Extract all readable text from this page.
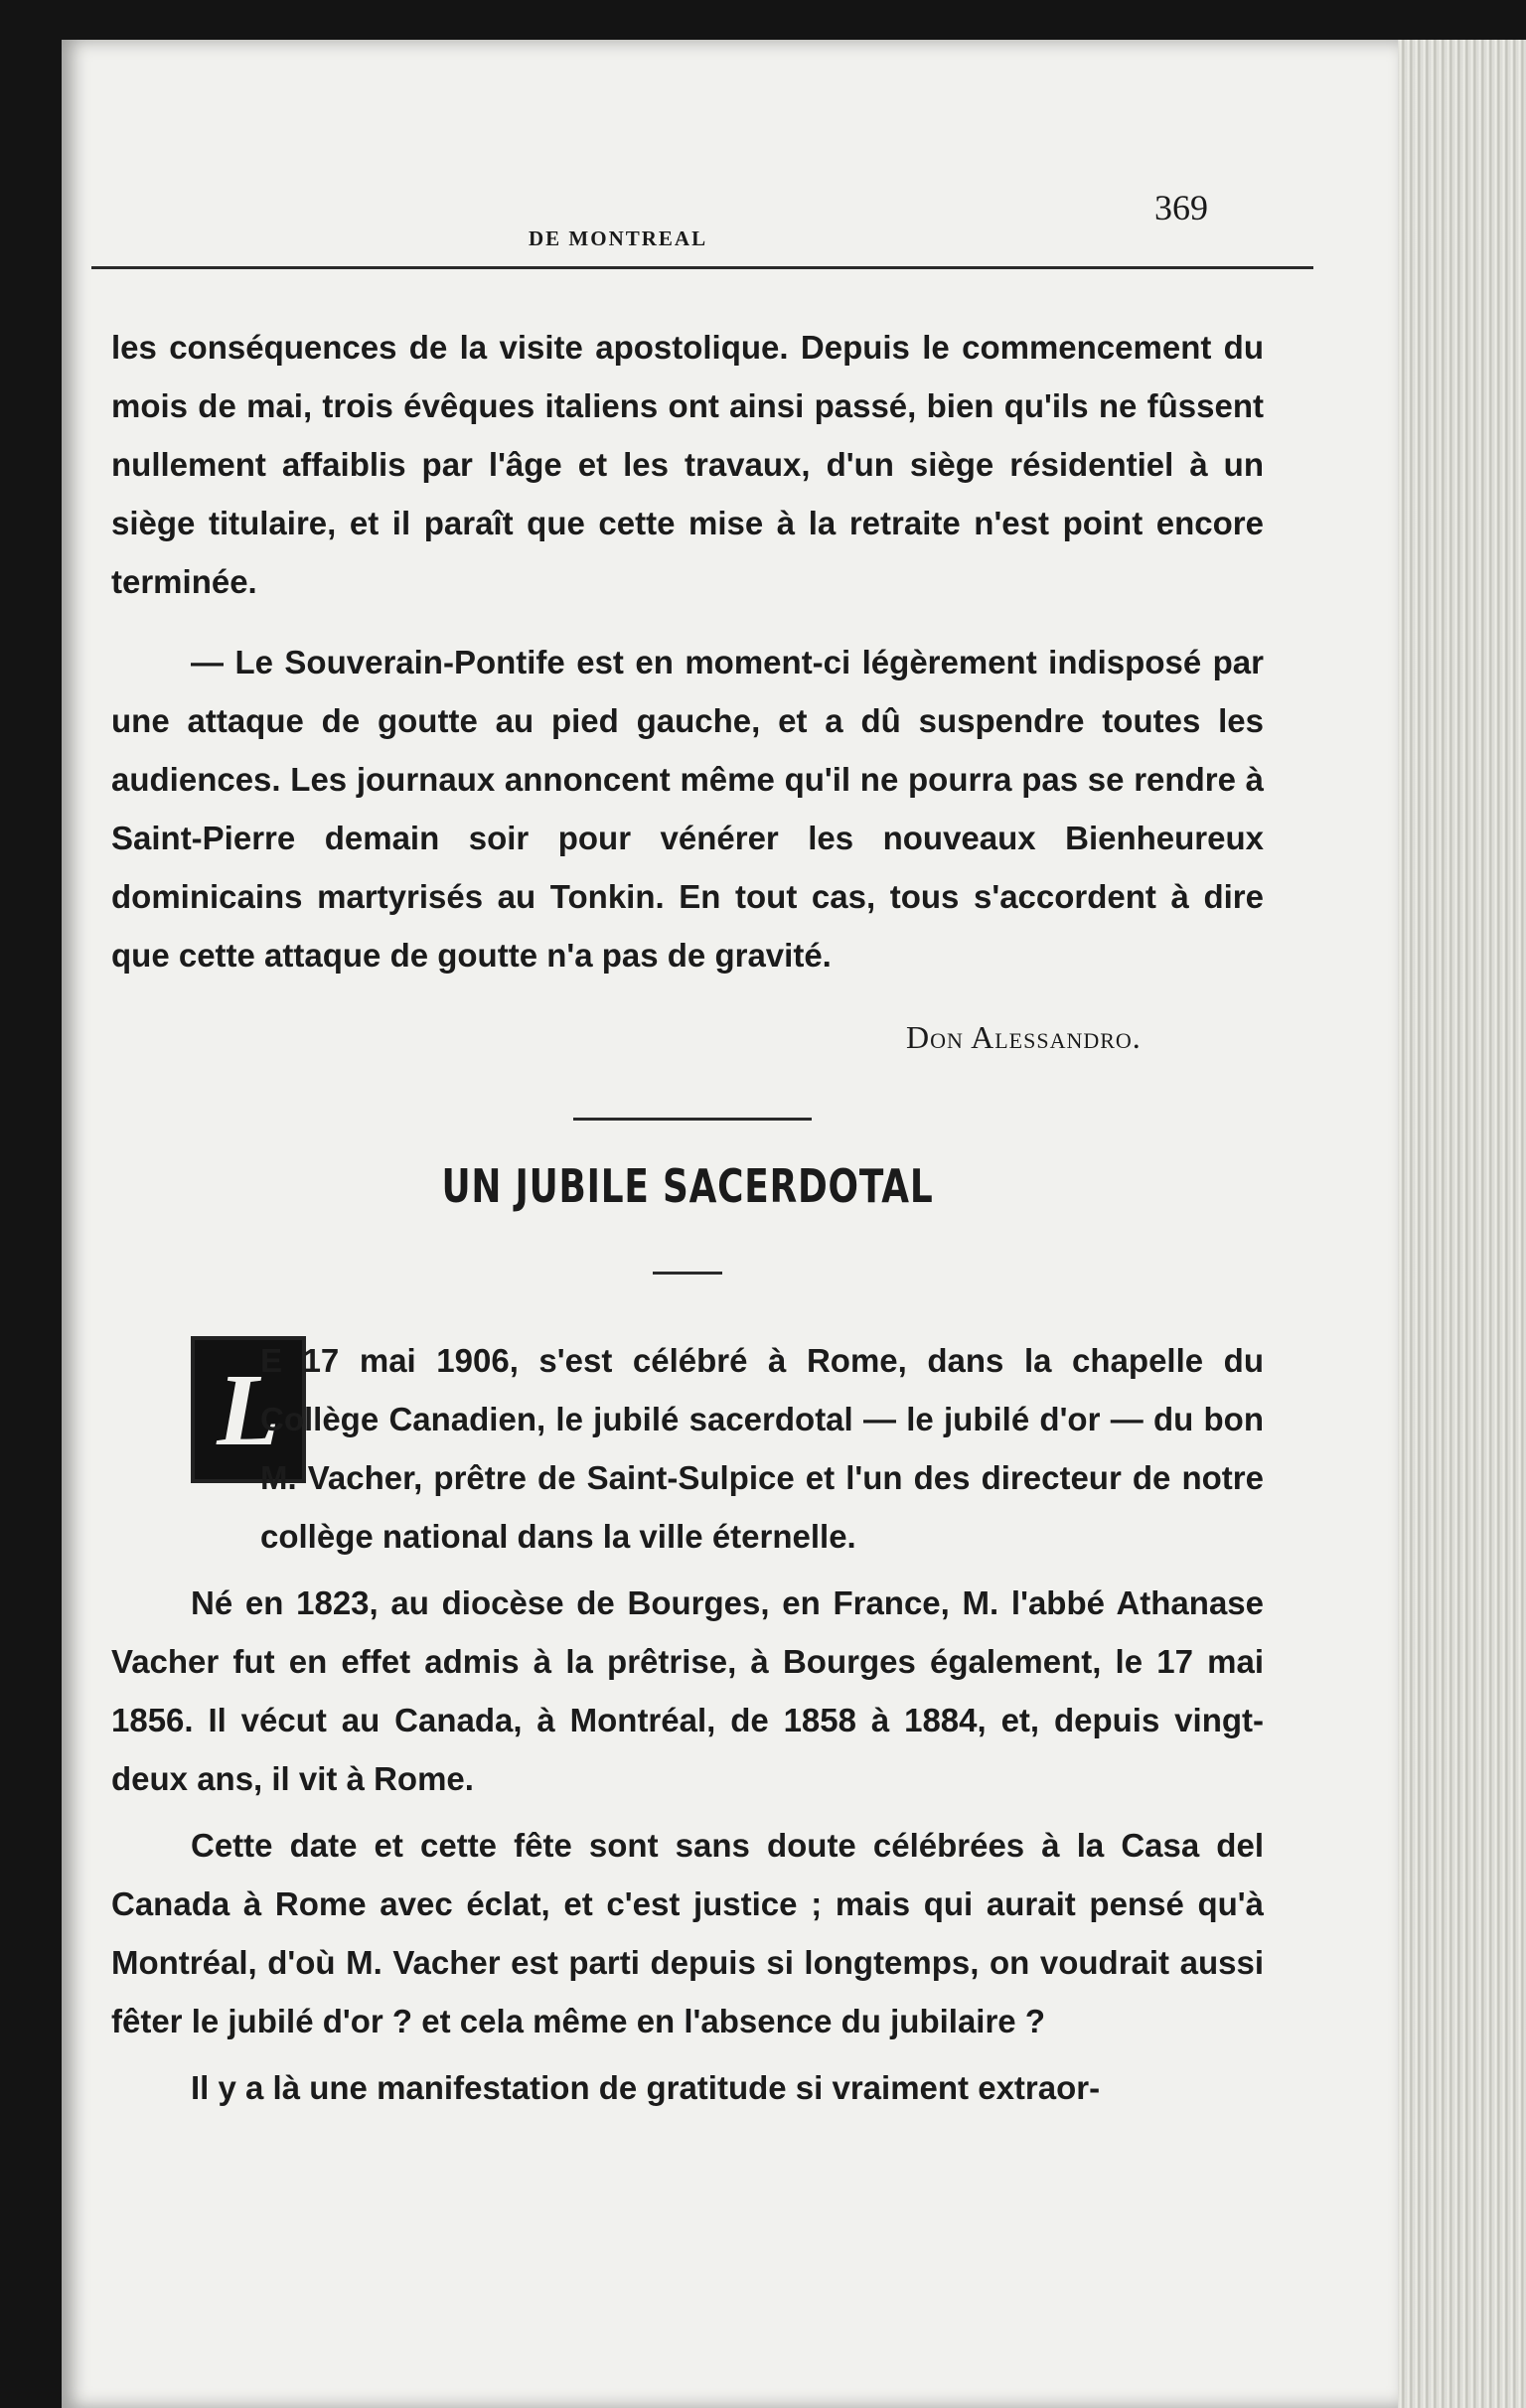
DE MONTREAL
369

les conséquences de la visite apostolique. Depuis le commencement du mois de mai, trois évêques italiens ont ainsi passé, bien qu'ils ne fûssent nullement affaiblis par l'âge et les travaux, d'un siège résidentiel à un siège titulaire, et il paraît que cette mise à la retraite n'est point encore terminée.

— Le Souverain-Pontife est en moment-ci légèrement indisposé par une attaque de goutte au pied gauche, et a dû suspendre toutes les audiences. Les journaux annoncent même qu'il ne pourra pas se rendre à Saint-Pierre demain soir pour vénérer les nouveaux Bienheureux dominicains martyrisés au Tonkin. En tout cas, tous s'accordent à dire que cette attaque de goutte n'a pas de gravité.

Don Alessandro.
UN JUBILE SACERDOTAL
L

E 17 mai 1906, s'est célébré à Rome, dans la chapelle du Collège Canadien, le jubilé sacerdotal — le jubilé d'or — du bon M. Vacher, prêtre de Saint-Sulpice et l'un des directeur de notre collège national dans la ville éternelle.

Né en 1823, au diocèse de Bourges, en France, M. l'abbé Athanase Vacher fut en effet admis à la prêtrise, à Bourges également, le 17 mai 1856. Il vécut au Canada, à Montréal, de 1858 à 1884, et, depuis vingt-deux ans, il vit à Rome.

Cette date et cette fête sont sans doute célébrées à la Casa del Canada à Rome avec éclat, et c'est justice ; mais qui aurait pensé qu'à Montréal, d'où M. Vacher est parti depuis si longtemps, on voudrait aussi fêter le jubilé d'or ? et cela même en l'absence du jubilaire ?

Il y a là une manifestation de gratitude si vraiment extraor-
